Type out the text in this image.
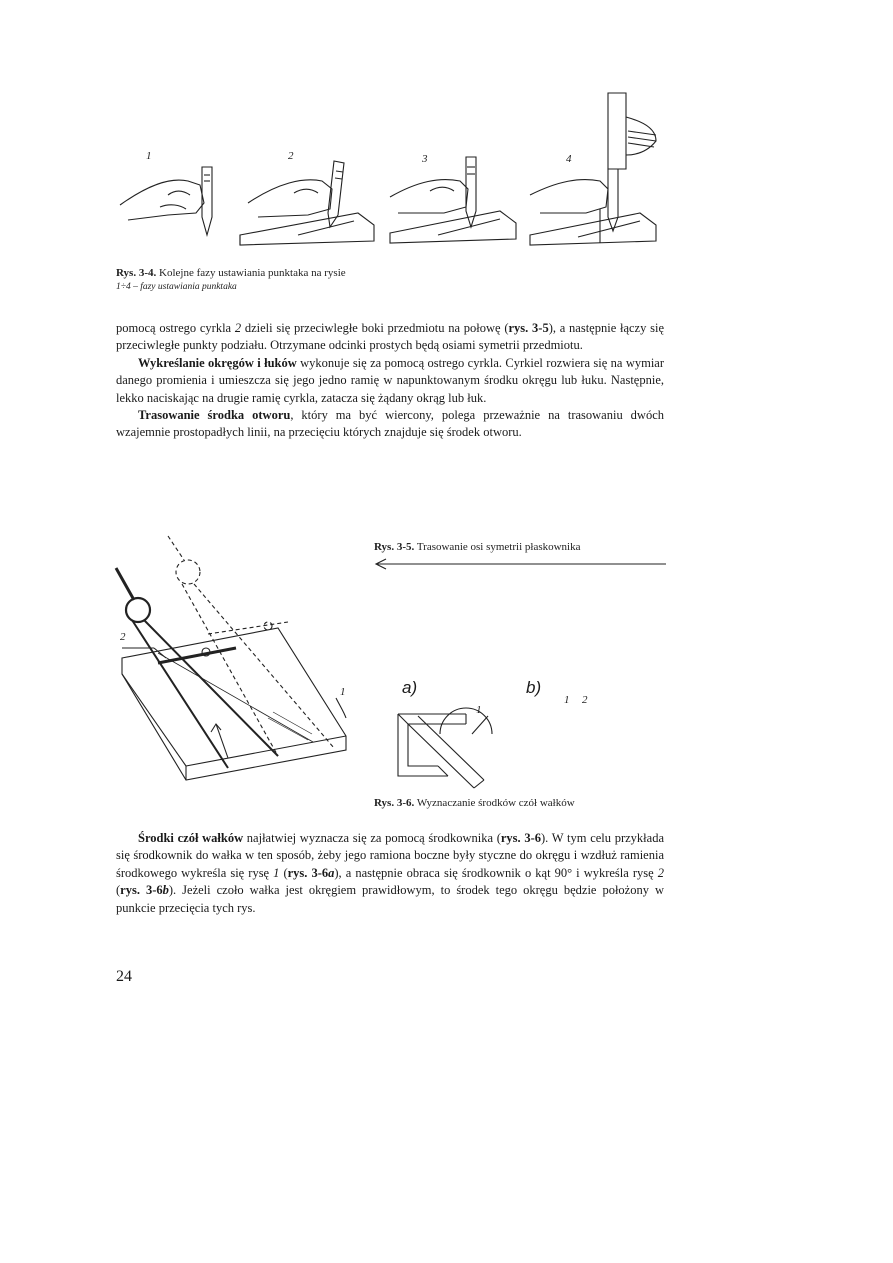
1	2	3	4
Rys. 3-4. Kolejne fazy ustawiania punktaka na rysie
1÷4 – fazy ustawiania punktaka

pomocą ostrego cyrkla 2 dzieli się przeciwległe boki przedmiotu na połowę (rys. 3-5), a następnie łączy się przeciwległe punkty podziału. Otrzymane odcinki prostych będą osiami symetrii przedmiotu.

Wykreślanie okręgów i łuków wykonuje się za pomocą ostrego cyrkla. Cyrkiel rozwiera się na wymiar danego promienia i umieszcza się jego jedno ramię w napunktowanym środku okręgu lub łuku. Następnie, lekko naciskając na drugie ramię cyrkla, zatacza się żądany okrąg lub łuk.

Trasowanie środka otworu, który ma być wiercony, polega przeważnie na trasowaniu dwóch wzajemnie prostopadłych linii, na przecięciu których znajduje się środek otworu.

2
1
Rys. 3-5. Trasowanie osi symetrii płaskownika
a)	b)
1
1 2
Rys. 3-6. Wyznaczanie środków czół wałków

Środki czół wałków najłatwiej wyznacza się za pomocą środkownika (rys. 3-6). W tym celu przykłada się środkownik do wałka w ten sposób, żeby jego ramiona boczne były styczne do okręgu i wzdłuż ramienia środkowego wykreśla się rysę 1 (rys. 3-6a), a następnie obraca się środkownik o kąt 90° i wykreśla rysę 2 (rys. 3-6b). Jeżeli czoło wałka jest okręgiem prawidłowym, to środek tego okręgu będzie położony w punkcie przecięcia tych rys.

24
